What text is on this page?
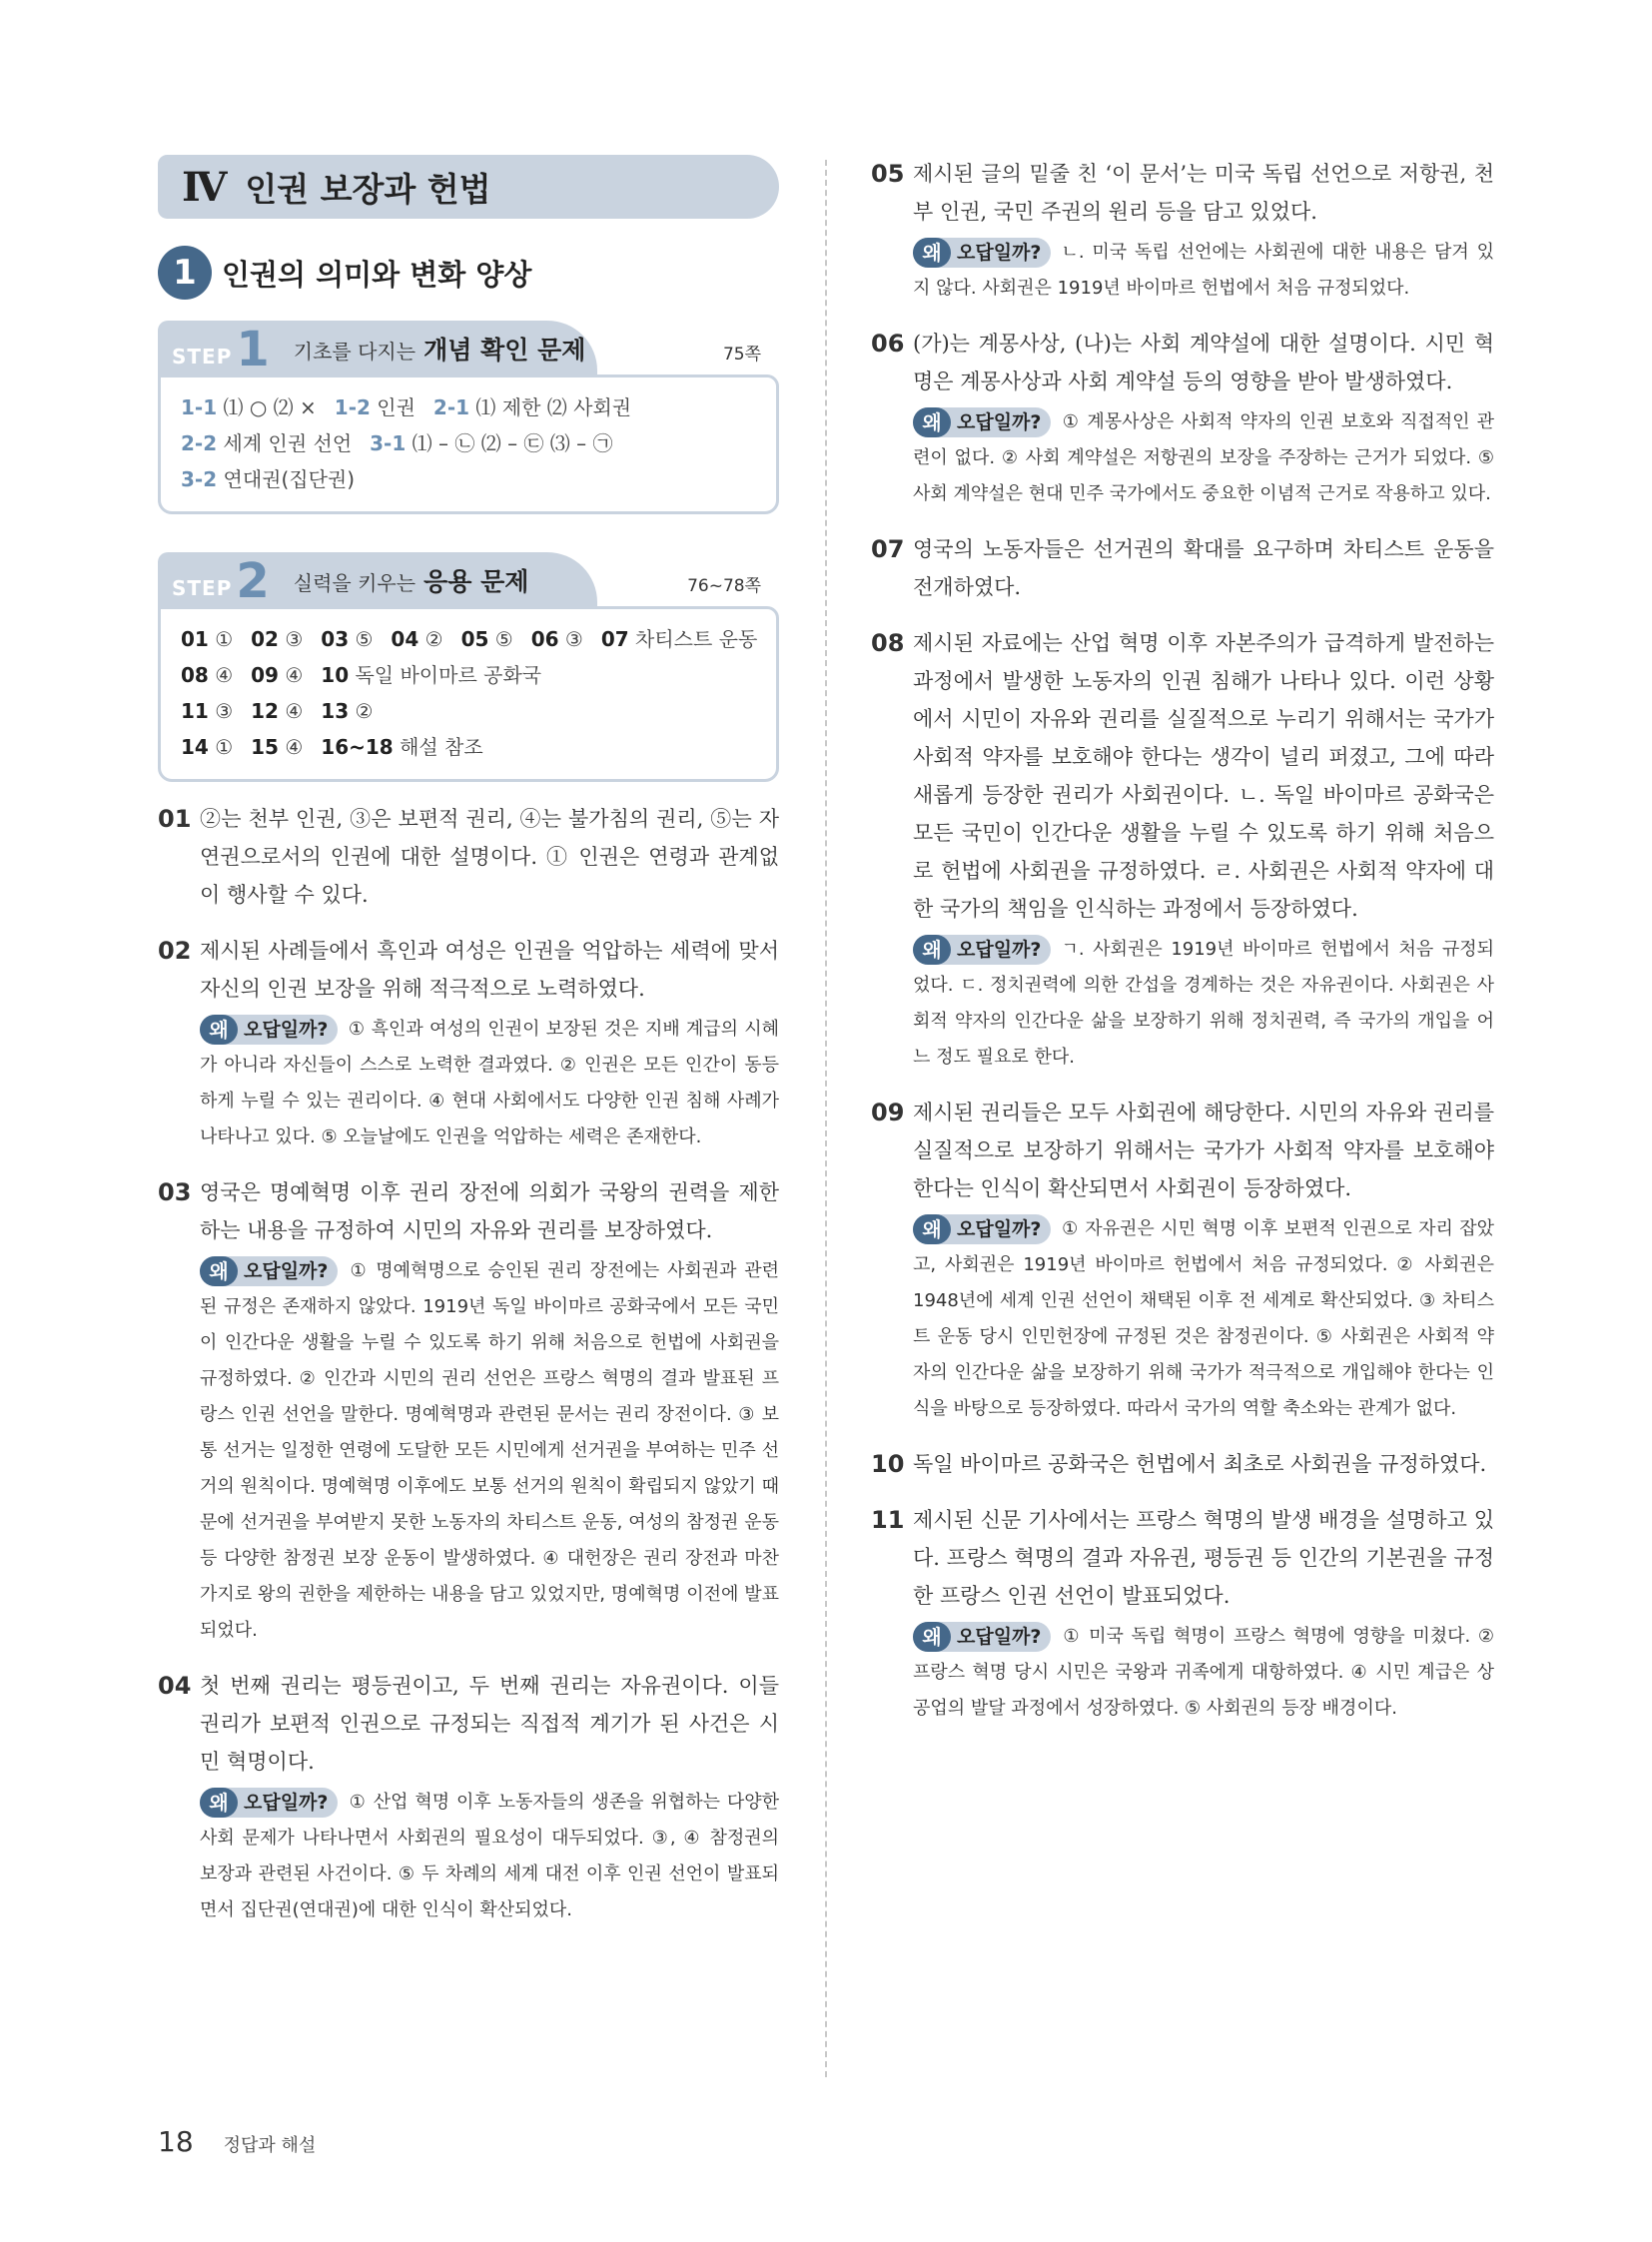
Ⅳ 인권 보장과 헌법
1 인권의 의미와 변화 양상
STEP 1 기초를 다지는 개념 확인 문제	75쪽
1-1 ⑴ ○ ⑵ × 1-2 인권 2-1 ⑴ 제한 ⑵ 사회권2-2 세계 인권 선언 3-1 ⑴ – ㉡ ⑵ – ㉢ ⑶ – ㉠3-2 연대권(집단권)
STEP 2 실력을 키우는 응용 문제	76~78쪽
01 ① 02 ③ 03 ⑤ 04 ② 05 ⑤ 06 ③ 07 차티스트 운동
08 ④ 09 ④ 10 독일 바이마르 공화국11 ③ 12 ④ 13 ②
14 ① 15 ④ 16~18 해설 참조
01 ②는 천부 인권, ③은 보편적 권리, ④는 불가침의 권리, ⑤는 자연권으로서의 인권에 대한 설명이다. ① 인권은 연령과 관계없이 행사할 수 있다.
02 제시된 사례들에서 흑인과 여성은 인권을 억압하는 세력에 맞서 자신의 인권 보장을 위해 적극적으로 노력하였다.
왜 오답일까? ① 흑인과 여성의 인권이 보장된 것은 지배 계급의 시혜가 아니라 자신들이 스스로 노력한 결과였다. ② 인권은 모든 인간이 동등하게 누릴 수 있는 권리이다. ④ 현대 사회에서도 다양한 인권 침해 사례가 나타나고 있다. ⑤ 오늘날에도 인권을 억압하는 세력은 존재한다.
03 영국은 명예혁명 이후 권리 장전에 의회가 국왕의 권력을 제한하는 내용을 규정하여 시민의 자유와 권리를 보장하였다.
왜 오답일까? ① 명예혁명으로 승인된 권리 장전에는 사회권과 관련된 규정은 존재하지 않았다. 1919년 독일 바이마르 공화국에서 모든 국민이 인간다운 생활을 누릴 수 있도록 하기 위해 처음으로 헌법에 사회권을 규정하였다. ② 인간과 시민의 권리 선언은 프랑스 혁명의 결과 발표된 프랑스 인권 선언을 말한다. 명예혁명과 관련된 문서는 권리 장전이다. ③ 보통 선거는 일정한 연령에 도달한 모든 시민에게 선거권을 부여하는 민주 선거의 원칙이다. 명예혁명 이후에도 보통 선거의 원칙이 확립되지 않았기 때문에 선거권을 부여받지 못한 노동자의 차티스트 운동, 여성의 참정권 운동 등 다양한 참정권 보장 운동이 발생하였다. ④ 대헌장은 권리 장전과 마찬가지로 왕의 권한을 제한하는 내용을 담고 있었지만, 명예혁명 이전에 발표되었다.
04 첫 번째 권리는 평등권이고, 두 번째 권리는 자유권이다. 이들 권리가 보편적 인권으로 규정되는 직접적 계기가 된 사건은 시민 혁명이다.
왜 오답일까? ① 산업 혁명 이후 노동자들의 생존을 위협하는 다양한 사회 문제가 나타나면서 사회권의 필요성이 대두되었다. ③, ④ 참정권의 보장과 관련된 사건이다. ⑤ 두 차례의 세계 대전 이후 인권 선언이 발표되면서 집단권(연대권)에 대한 인식이 확산되었다.
05 제시된 글의 밑줄 친 ‘이 문서’는 미국 독립 선언으로 저항권, 천부 인권, 국민 주권의 원리 등을 담고 있었다.
왜 오답일까? ㄴ. 미국 독립 선언에는 사회권에 대한 내용은 담겨 있지 않다. 사회권은 1919년 바이마르 헌법에서 처음 규정되었다.
06 (가)는 계몽사상, (나)는 사회 계약설에 대한 설명이다. 시민 혁명은 계몽사상과 사회 계약설 등의 영향을 받아 발생하였다.
왜 오답일까? ① 계몽사상은 사회적 약자의 인권 보호와 직접적인 관련이 없다. ② 사회 계약설은 저항권의 보장을 주장하는 근거가 되었다. ⑤ 사회 계약설은 현대 민주 국가에서도 중요한 이념적 근거로 작용하고 있다.
07 영국의 노동자들은 선거권의 확대를 요구하며 차티스트 운동을 전개하였다.
08 제시된 자료에는 산업 혁명 이후 자본주의가 급격하게 발전하는 과정에서 발생한 노동자의 인권 침해가 나타나 있다. 이런 상황에서 시민이 자유와 권리를 실질적으로 누리기 위해서는 국가가 사회적 약자를 보호해야 한다는 생각이 널리 퍼졌고, 그에 따라 새롭게 등장한 권리가 사회권이다. ㄴ. 독일 바이마르 공화국은 모든 국민이 인간다운 생활을 누릴 수 있도록 하기 위해 처음으로 헌법에 사회권을 규정하였다. ㄹ. 사회권은 사회적 약자에 대한 국가의 책임을 인식하는 과정에서 등장하였다.
왜 오답일까? ㄱ. 사회권은 1919년 바이마르 헌법에서 처음 규정되었다. ㄷ. 정치권력에 의한 간섭을 경계하는 것은 자유권이다. 사회권은 사회적 약자의 인간다운 삶을 보장하기 위해 정치권력, 즉 국가의 개입을 어느 정도 필요로 한다.
09 제시된 권리들은 모두 사회권에 해당한다. 시민의 자유와 권리를 실질적으로 보장하기 위해서는 국가가 사회적 약자를 보호해야 한다는 인식이 확산되면서 사회권이 등장하였다.
왜 오답일까? ① 자유권은 시민 혁명 이후 보편적 인권으로 자리 잡았고, 사회권은 1919년 바이마르 헌법에서 처음 규정되었다. ② 사회권은 1948년에 세계 인권 선언이 채택된 이후 전 세계로 확산되었다. ③ 차티스트 운동 당시 인민헌장에 규정된 것은 참정권이다. ⑤ 사회권은 사회적 약자의 인간다운 삶을 보장하기 위해 국가가 적극적으로 개입해야 한다는 인식을 바탕으로 등장하였다. 따라서 국가의 역할 축소와는 관계가 없다.
10 독일 바이마르 공화국은 헌법에서 최초로 사회권을 규정하였다.
11 제시된 신문 기사에서는 프랑스 혁명의 발생 배경을 설명하고 있다. 프랑스 혁명의 결과 자유권, 평등권 등 인간의 기본권을 규정한 프랑스 인권 선언이 발표되었다.
왜 오답일까? ① 미국 독립 혁명이 프랑스 혁명에 영향을 미쳤다. ② 프랑스 혁명 당시 시민은 국왕과 귀족에게 대항하였다. ④ 시민 계급은 상공업의 발달 과정에서 성장하였다. ⑤ 사회권의 등장 배경이다.
18 정답과 해설
